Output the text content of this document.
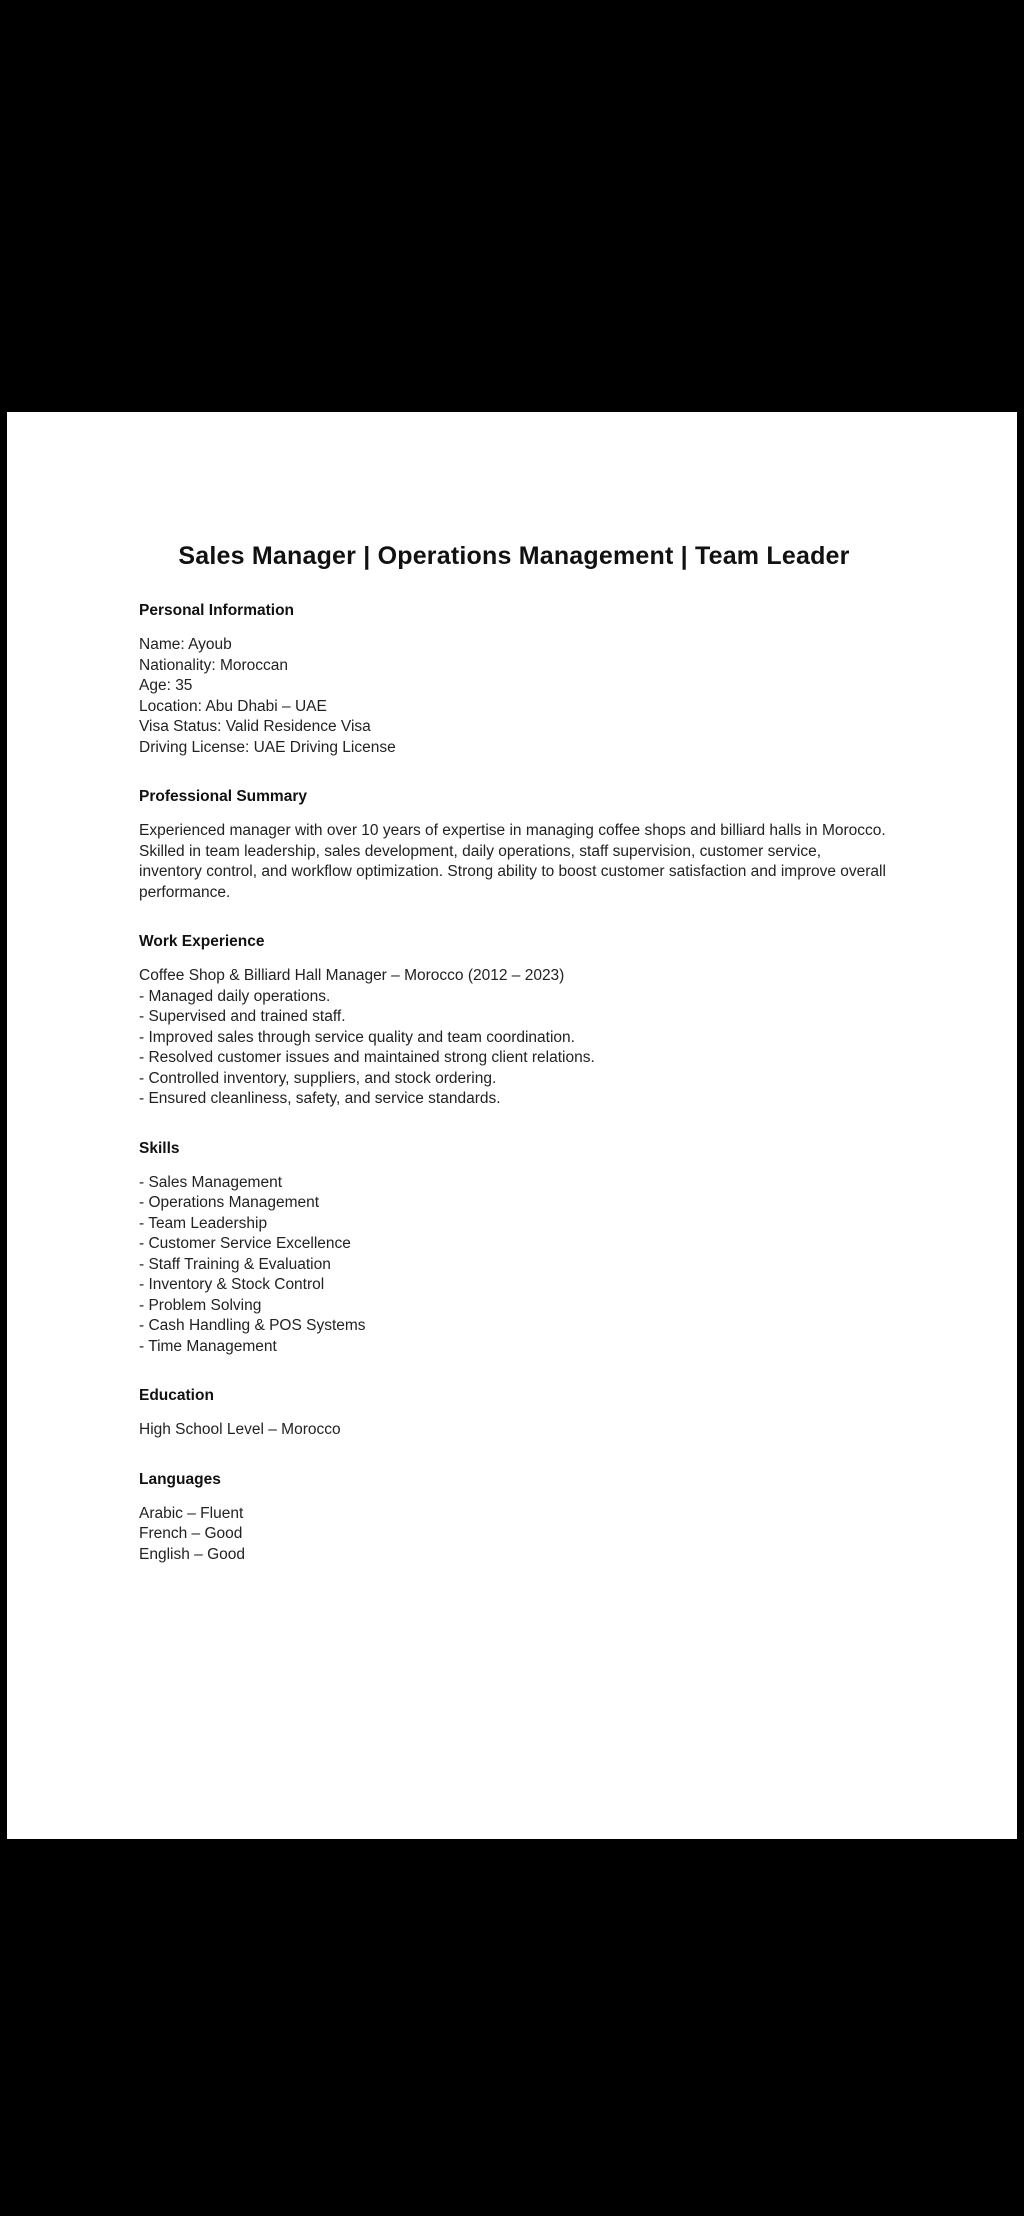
Sales Manager | Operations Management | Team Leader
Personal Information
Name: Ayoub
Nationality: Moroccan
Age: 35
Location: Abu Dhabi – UAE
Visa Status: Valid Residence Visa
Driving License: UAE Driving License
Professional Summary
Experienced manager with over 10 years of expertise in managing coffee shops and billiard halls in Morocco. Skilled in team leadership, sales development, daily operations, staff supervision, customer service, inventory control, and workflow optimization. Strong ability to boost customer satisfaction and improve overall performance.
Work Experience
Coffee Shop & Billiard Hall Manager – Morocco (2012 – 2023)
- Managed daily operations.
- Supervised and trained staff.
- Improved sales through service quality and team coordination.
- Resolved customer issues and maintained strong client relations.
- Controlled inventory, suppliers, and stock ordering.
- Ensured cleanliness, safety, and service standards.
Skills
- Sales Management
- Operations Management
- Team Leadership
- Customer Service Excellence
- Staff Training & Evaluation
- Inventory & Stock Control
- Problem Solving
- Cash Handling & POS Systems
- Time Management
Education
High School Level – Morocco
Languages
Arabic – Fluent
French – Good
English – Good
